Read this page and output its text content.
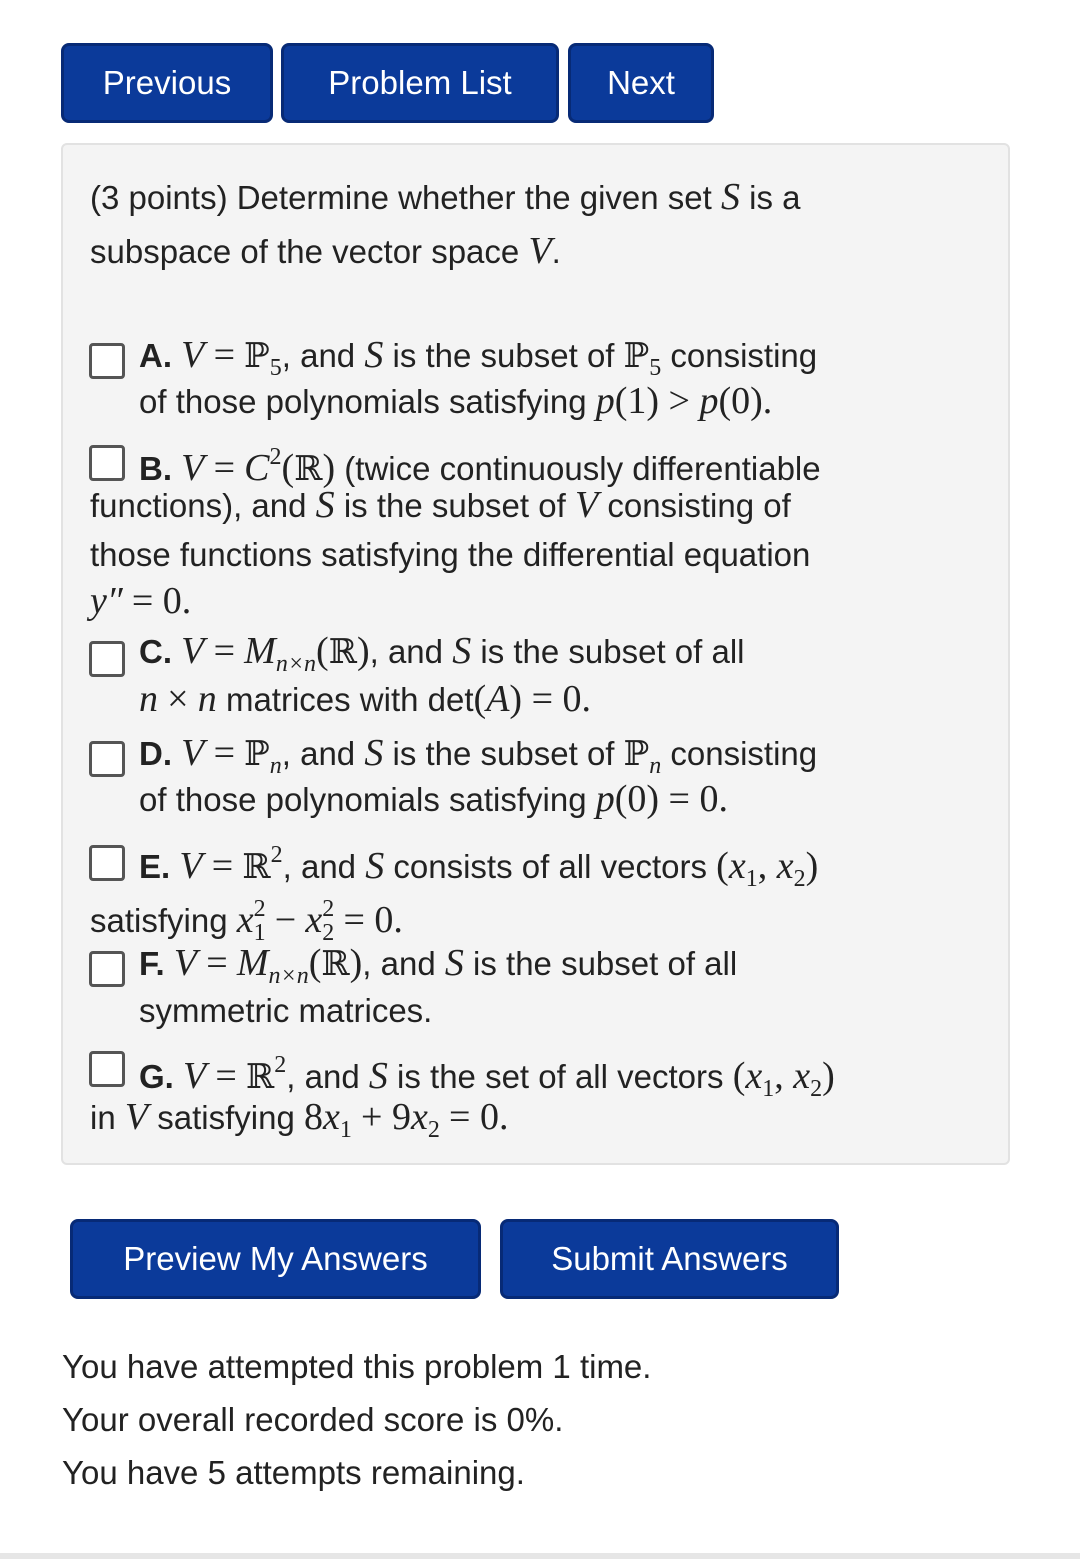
Previous	Problem List	Next
(3 points) Determine whether the given set S is a
subspace of the vector space V.
A. V = ℙ$_5$, and S is the subset of ℙ$_5$ consisting
of those polynomials satisfying p(1) > p(0).
B. $V = C^2(ℝ)$ (twice continuously differentiable
functions), and S is the subset of V consisting of
those functions satisfying the differential equation
y″ = 0.
C. $V = M_{n\times n}(ℝ)$, and S is the subset of all
n × n matrices with det(A) = 0.
D. V = ℙ$_n$, and S is the subset of ℙ$_n$ consisting
of those polynomials satisfying p(0) = 0.
E. V = ℝ$^2$, and S consists of all vectors ($x_1$, $x_2$)
satisfying $x_1^2 - x_2^2 = 0$.
F. $V = M_{n\times n}(ℝ)$, and S is the subset of all
symmetric matrices.
G. V = ℝ$^2$, and S is the set of all vectors ($x_1$, $x_2$)
in V satisfying $8x_1 + 9x_2 = 0$.
Preview My Answers	Submit Answers
You have attempted this problem 1 time.
Your overall recorded score is 0%.
You have 5 attempts remaining.
